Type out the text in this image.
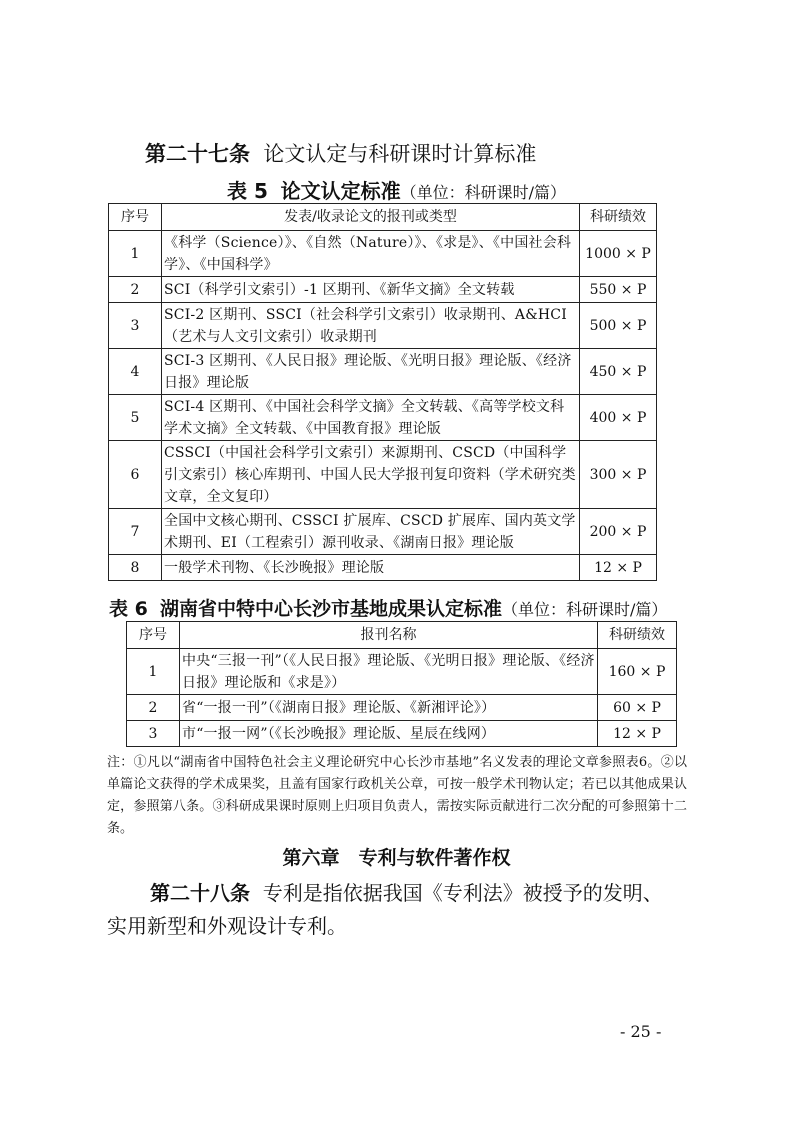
第二十七条 论文认定与科研课时计算标准
表 5 论文认定标准（单位：科研课时/篇）
序号	发表/收录论文的报刊或类型	科研绩效
1	《科学（Science）》、《自然（Nature）》、《求是》、《中国社会科学》、《中国科学》	1000 × P
2	SCI（科学引文索引）-1 区期刊、《新华文摘》全文转载	550 × P
3	SCI-2 区期刊、SSCI（社会科学引文索引）收录期刊、A&HCI（艺术与人文引文索引）收录期刊	500 × P
4	SCI-3 区期刊、《人民日报》理论版、《光明日报》理论版、《经济日报》理论版	450 × P
5	SCI-4 区期刊、《中国社会科学文摘》全文转载、《高等学校文科学术文摘》全文转载、《中国教育报》理论版	400 × P
6	CSSCI（中国社会科学引文索引）来源期刊、CSCD（中国科学引文索引）核心库期刊、中国人民大学报刊复印资料（学术研究类文章，全文复印）	300 × P
7	全国中文核心期刊、CSSCI 扩展库、CSCD 扩展库、国内英文学术期刊、EI（工程索引）源刊收录、《湖南日报》理论版	200 × P
8	一般学术刊物、《长沙晚报》理论版	12 × P
表 6 湖南省中特中心长沙市基地成果认定标准（单位：科研课时/篇）
序号	报刊名称	科研绩效
1	中央“三报一刊”（《人民日报》理论版、《光明日报》理论版、《经济日报》理论版和《求是》）	160 × P
2	省“一报一刊”（《湖南日报》理论版、《新湘评论》）	60 × P
3	市“一报一网”（《长沙晚报》理论版、星辰在线网）	12 × P
注：①凡以“湖南省中国特色社会主义理论研究中心长沙市基地”名义发表的理论文章参照表6。②以单篇论文获得的学术成果奖，且盖有国家行政机关公章，可按一般学术刊物认定；若已以其他成果认定，参照第八条。③科研成果课时原则上归项目负责人，需按实际贡献进行二次分配的可参照第十二条。
第六章　专利与软件著作权
第二十八条 专利是指依据我国《专利法》被授予的发明、
实用新型和外观设计专利。
- 25 -
